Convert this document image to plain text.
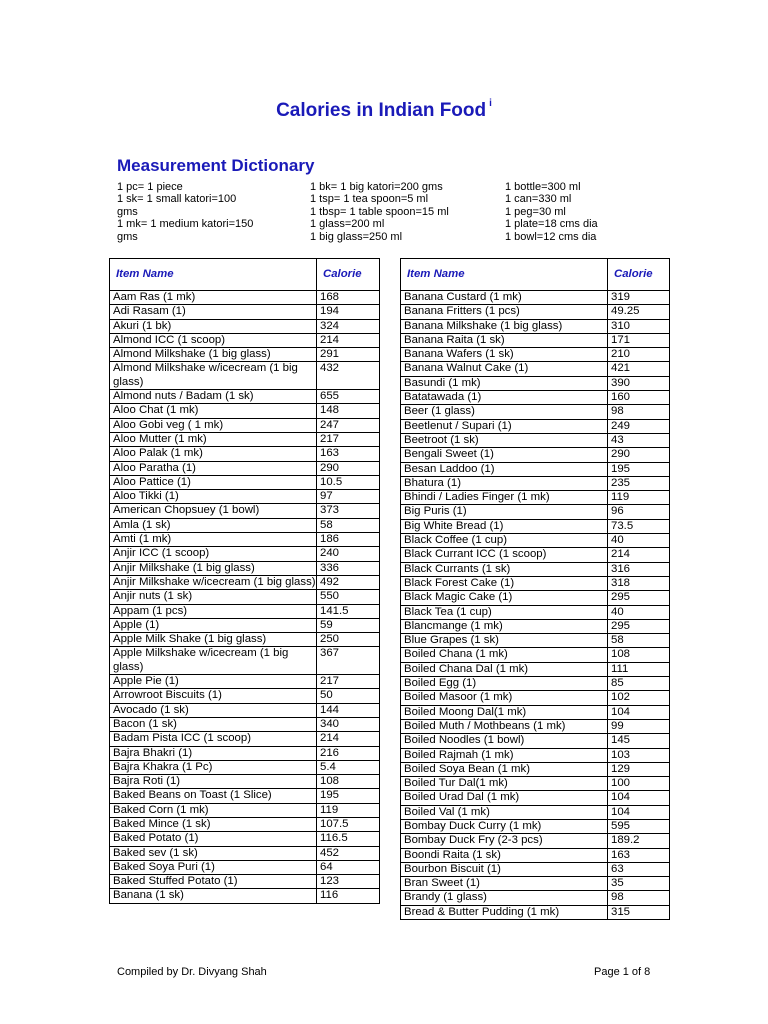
Calories in Indian Food $^i$
Measurement Dictionary
1 pc= 1 piece
1 sk= 1 small katori=100
gms
1 mk= 1 medium katori=150
gms
1 bk= 1 big katori=200 gms
1 tsp= 1 tea spoon=5 ml
1 tbsp= 1 table spoon=15 ml
1 glass=200 ml
1 big glass=250 ml
1 bottle=300 ml
1 can=330 ml
1 peg=30 ml
1 plate=18 cms dia
1 bowl=12 cms dia
Item Name	Calorie
Aam Ras (1 mk)	168
Adi Rasam (1)	194
Akuri (1 bk)	324
Almond ICC (1 scoop)	214
Almond Milkshake (1 big glass)	291
Almond Milkshake w/icecream (1 big glass)	432
Almond nuts / Badam (1 sk)	655
Aloo Chat (1 mk)	148
Aloo Gobi veg ( 1 mk)	247
Aloo Mutter (1 mk)	217
Aloo Palak (1 mk)	163
Aloo Paratha (1)	290
Aloo Pattice (1)	10.5
Aloo Tikki (1)	97
American Chopsuey (1 bowl)	373
Amla (1 sk)	58
Amti (1 mk)	186
Anjir ICC (1 scoop)	240
Anjir Milkshake (1 big glass)	336
Anjir Milkshake w/icecream (1 big glass)	492
Anjir nuts (1 sk)	550
Appam (1 pcs)	141.5
Apple (1)	59
Apple Milk Shake (1 big glass)	250
Apple Milkshake w/icecream (1 big glass)	367
Apple Pie (1)	217
Arrowroot Biscuits (1)	50
Avocado (1 sk)	144
Bacon (1 sk)	340
Badam Pista ICC (1 scoop)	214
Bajra Bhakri (1)	216
Bajra Khakra (1 Pc)	5.4
Bajra Roti (1)	108
Baked Beans on Toast (1 Slice)	195
Baked Corn (1 mk)	119
Baked Mince (1 sk)	107.5
Baked Potato (1)	116.5
Baked sev (1 sk)	452
Baked Soya Puri (1)	64
Baked Stuffed Potato (1)	123
Banana (1 sk)	116
Item Name	Calorie
Banana Custard (1 mk)	319
Banana Fritters (1 pcs)	49.25
Banana Milkshake (1 big glass)	310
Banana Raita (1 sk)	171
Banana Wafers (1 sk)	210
Banana Walnut Cake (1)	421
Basundi (1 mk)	390
Batatawada (1)	160
Beer (1 glass)	98
Beetlenut / Supari (1)	249
Beetroot (1 sk)	43
Bengali Sweet (1)	290
Besan Laddoo (1)	195
Bhatura (1)	235
Bhindi / Ladies Finger (1 mk)	119
Big Puris (1)	96
Big White Bread (1)	73.5
Black Coffee (1 cup)	40
Black Currant ICC (1 scoop)	214
Black Currants (1 sk)	316
Black Forest Cake (1)	318
Black Magic Cake (1)	295
Black Tea (1 cup)	40
Blancmange (1 mk)	295
Blue Grapes (1 sk)	58
Boiled Chana (1 mk)	108
Boiled Chana Dal (1 mk)	111
Boiled Egg (1)	85
Boiled Masoor (1 mk)	102
Boiled Moong Dal(1 mk)	104
Boiled Muth / Mothbeans (1 mk)	99
Boiled Noodles (1 bowl)	145
Boiled Rajmah (1 mk)	103
Boiled Soya Bean (1 mk)	129
Boiled Tur Dal(1 mk)	100
Boiled Urad Dal (1 mk)	104
Boiled Val (1 mk)	104
Bombay Duck Curry (1 mk)	595
Bombay Duck Fry (2-3 pcs)	189.2
Boondi Raita (1 sk)	163
Bourbon Biscuit (1)	63
Bran Sweet (1)	35
Brandy (1 glass)	98
Bread & Butter Pudding (1 mk)	315
Compiled by Dr. Divyang Shah	Page 1 of 8
